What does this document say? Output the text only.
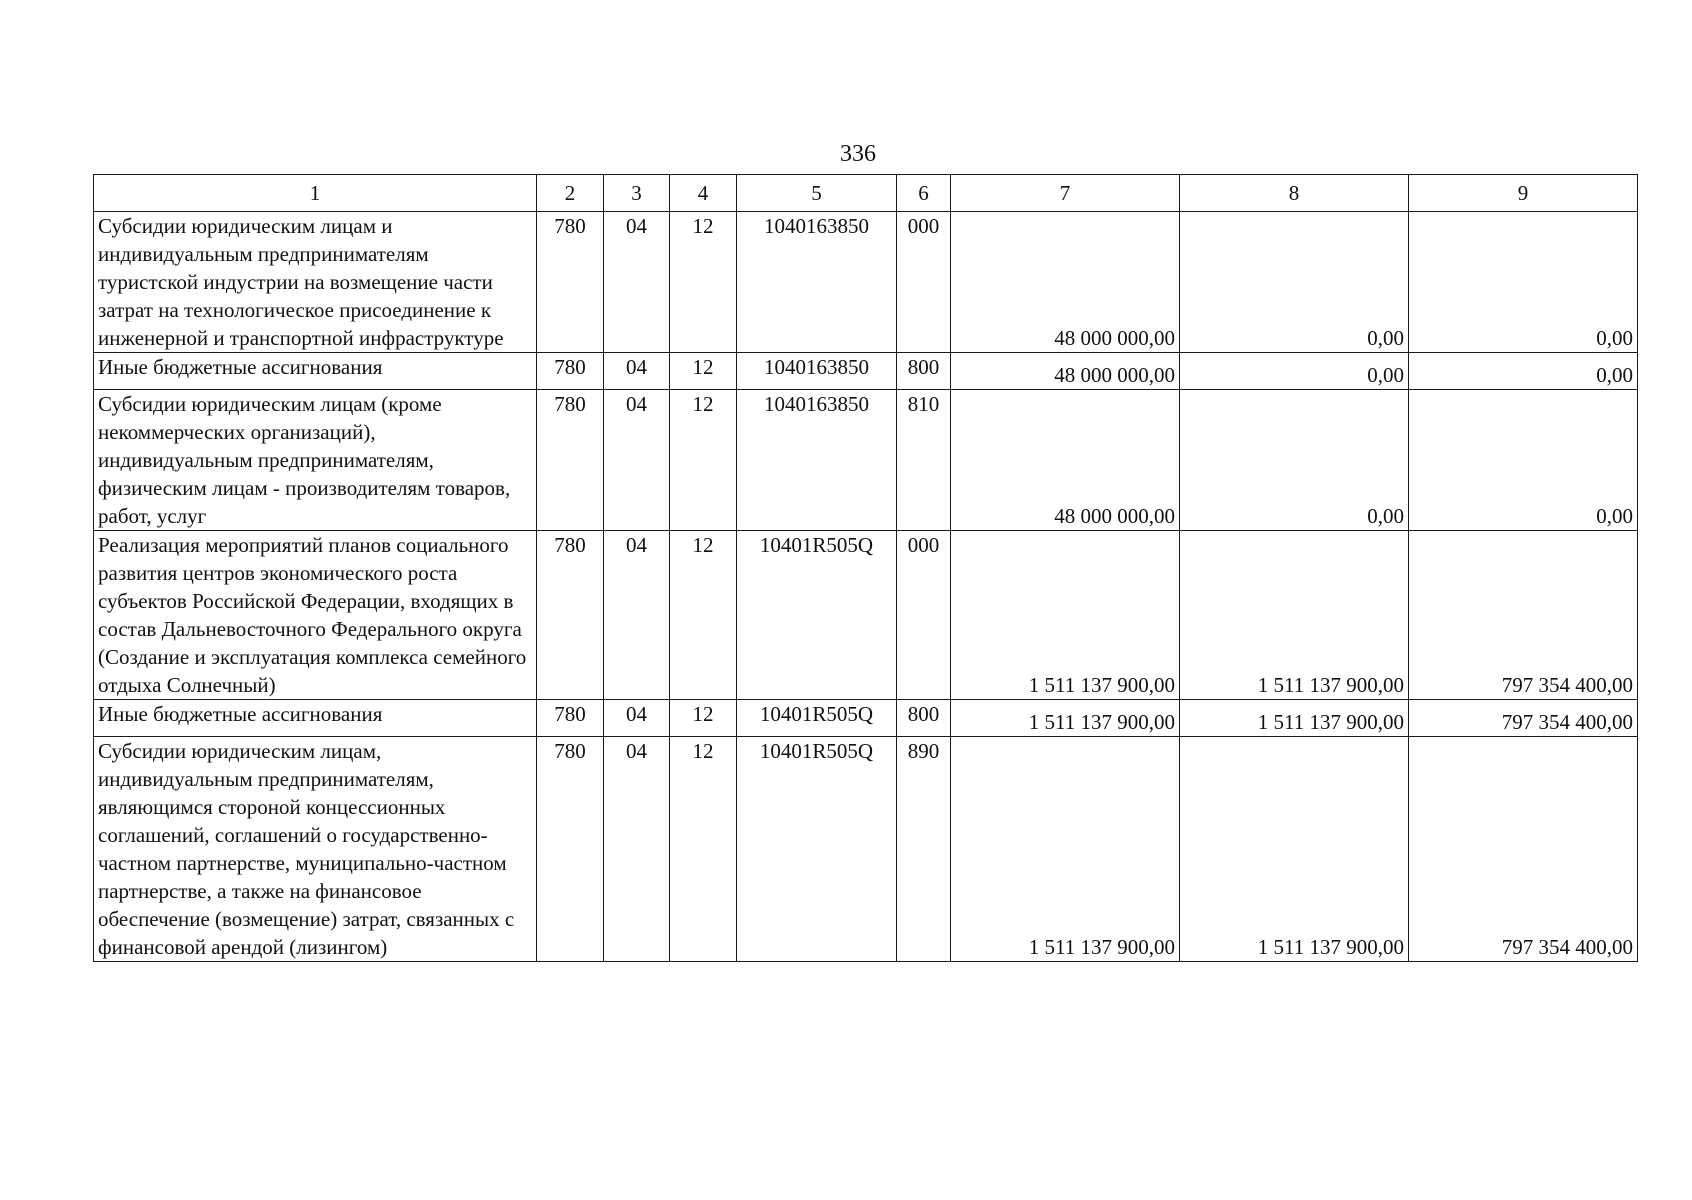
336
1	2	3	4	5	6	7	8	9
Субсидии юридическим лицам и индивидуальным предпринимателям туристской индустрии на возмещение части затрат на технологическое присоединение к инженерной и транспортной инфраструктуре	780	04	12	1040163850	000	48 000 000,00	0,00	0,00
Иные бюджетные ассигнования	780	04	12	1040163850	800	48 000 000,00	0,00	0,00
Субсидии юридическим лицам (кроме некоммерческих организаций), индивидуальным предпринимателям, физическим лицам - производителям товаров, работ, услуг	780	04	12	1040163850	810	48 000 000,00	0,00	0,00
Реализация мероприятий планов социального развития центров экономического роста субъектов Российской Федерации, входящих в состав Дальневосточного Федерального округа (Создание и эксплуатация комплекса семейного отдыха Солнечный)	780	04	12	10401R505Q	000	1 511 137 900,00	1 511 137 900,00	797 354 400,00
Иные бюджетные ассигнования	780	04	12	10401R505Q	800	1 511 137 900,00	1 511 137 900,00	797 354 400,00
Субсидии юридическим лицам, индивидуальным предпринимателям, являющимся стороной концессионных соглашений, соглашений о государственно-частном партнерстве, муниципально-частном партнерстве, а также на финансовое обеспечение (возмещение) затрат, связанных с финансовой арендой (лизингом)	780	04	12	10401R505Q	890	1 511 137 900,00	1 511 137 900,00	797 354 400,00
